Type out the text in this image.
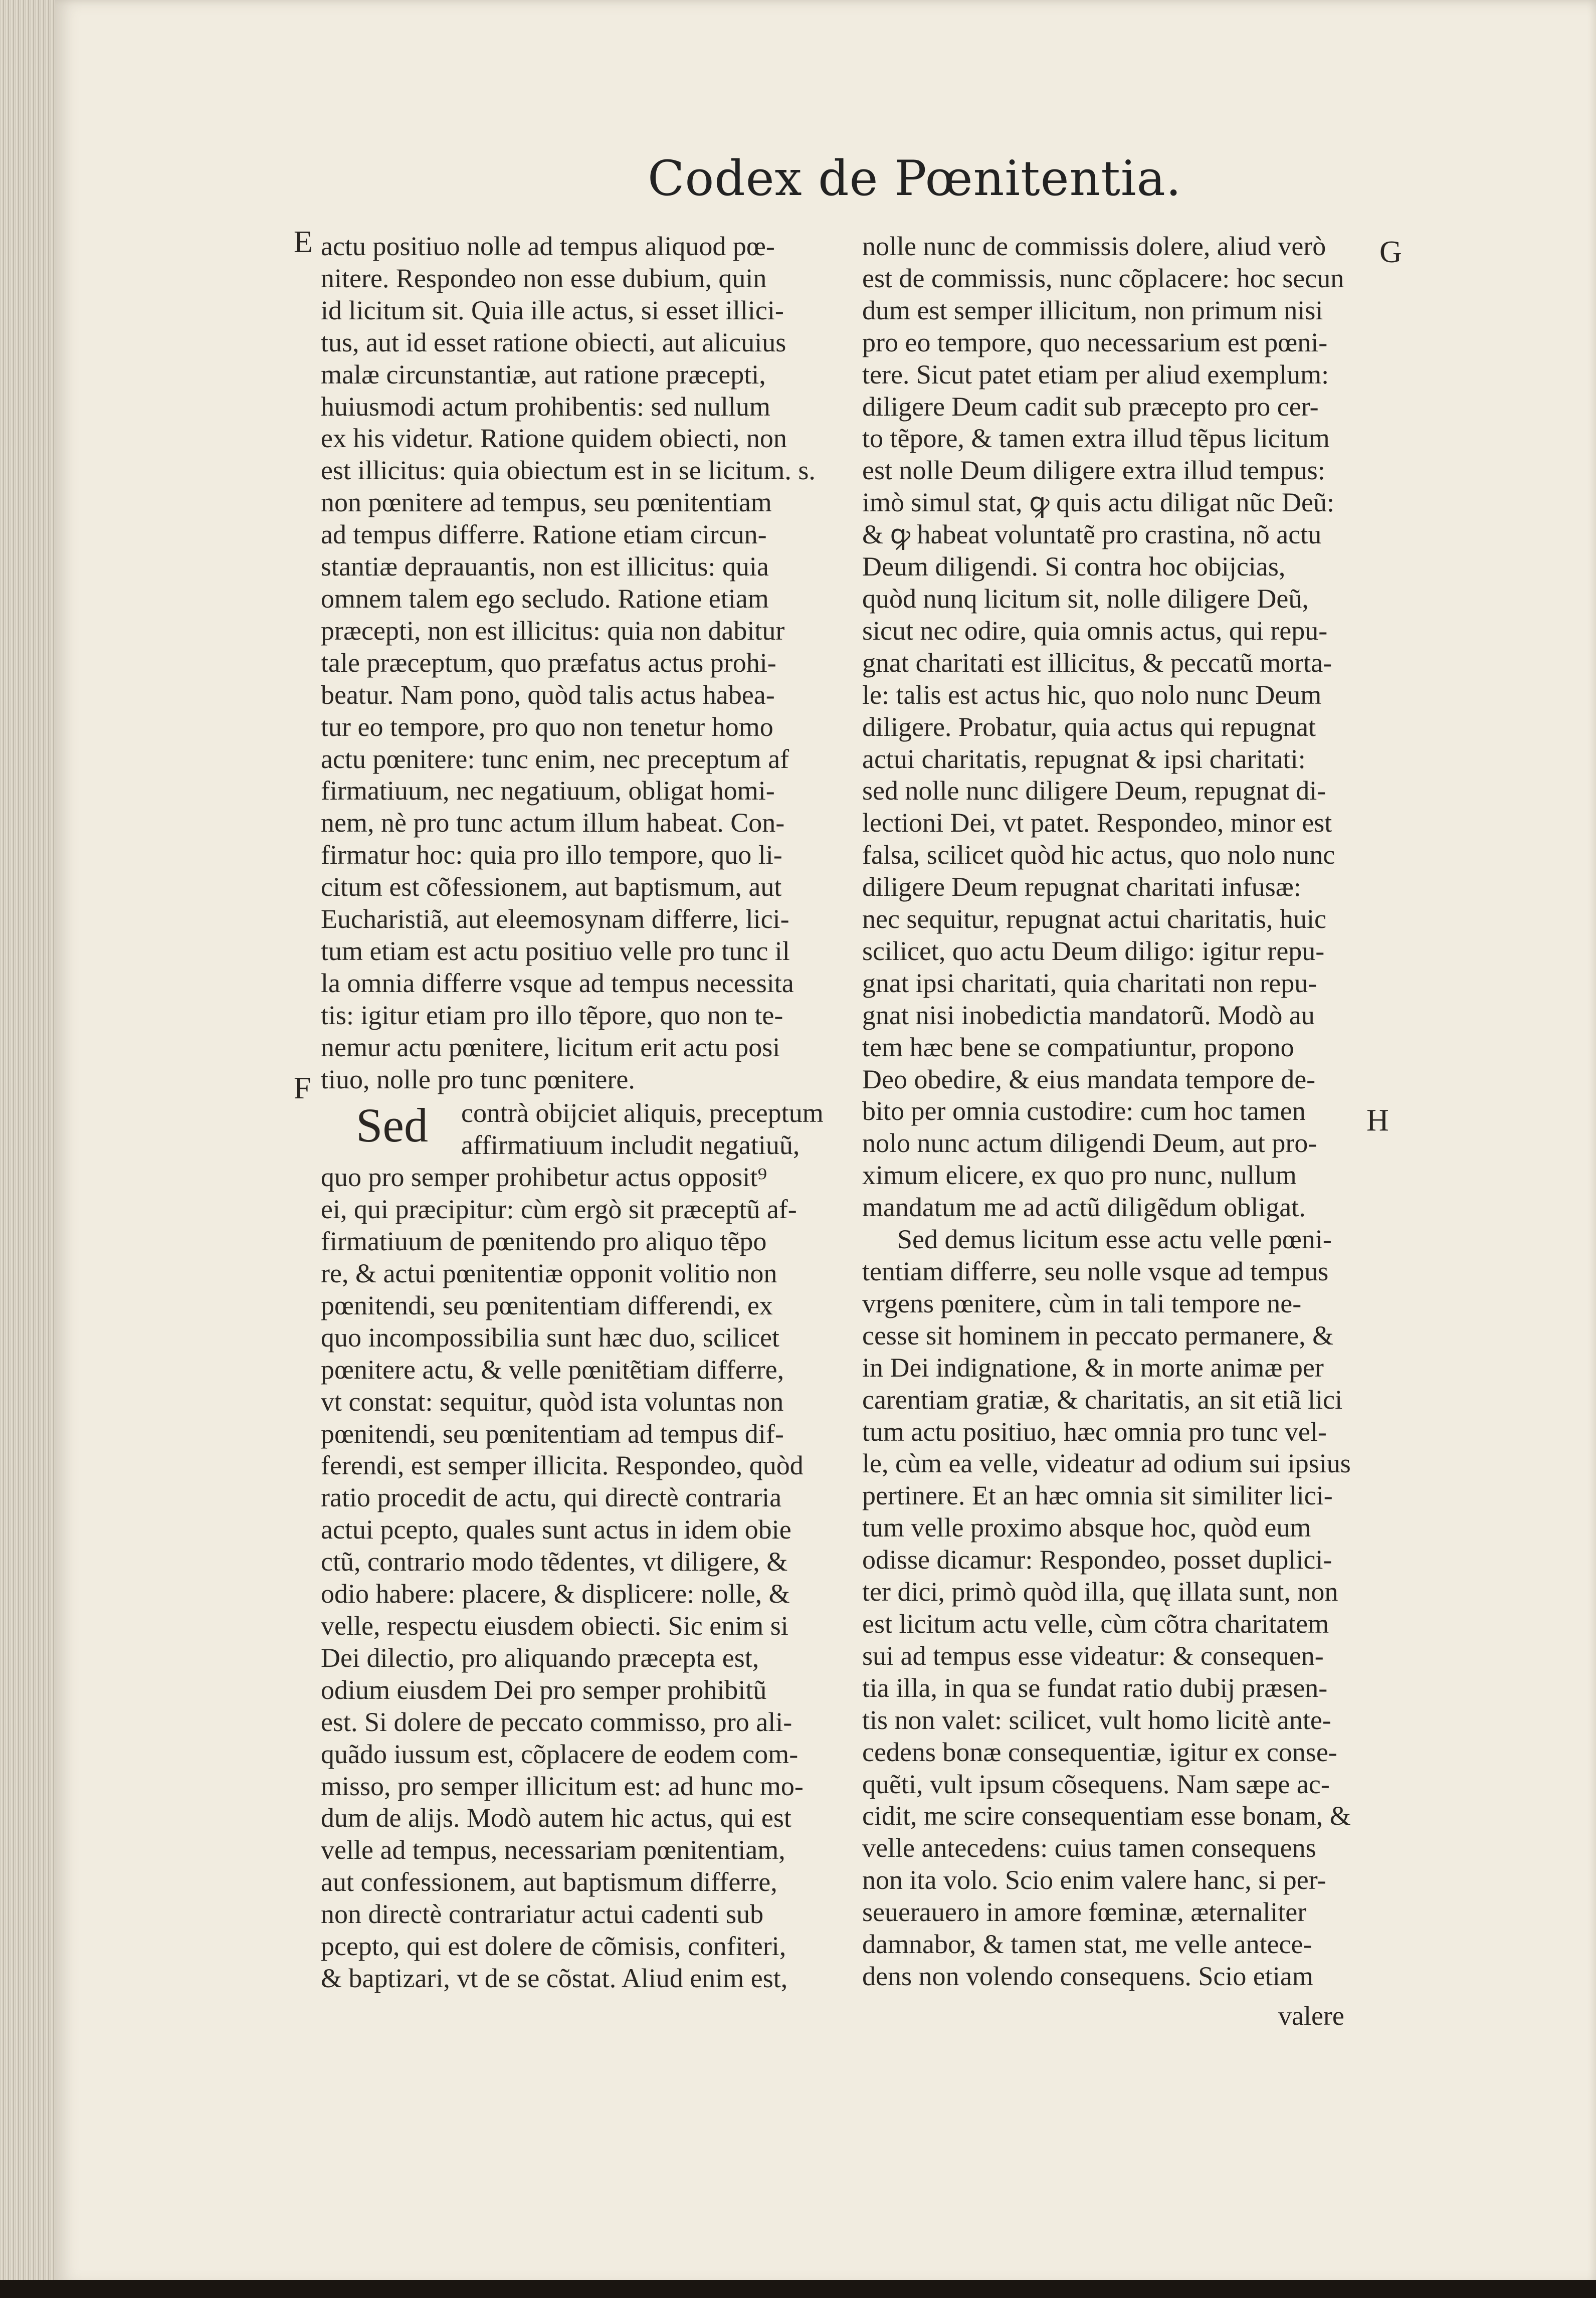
Codex de Pœnitentia.
E
F
G
H
actu positiuo nolle ad tempus aliquod pœ-
nitere. Respondeo non esse dubium, quin
id licitum sit. Quia ille actus, si esset illici-
tus, aut id esset ratione obiecti, aut alicuius
malæ circunstantiæ, aut ratione præcepti,
huiusmodi actum prohibentis: sed nullum
ex his videtur. Ratione quidem obiecti, non
est illicitus: quia obiectum est in se licitum. s.
non pœnitere ad tempus, seu pœnitentiam
ad tempus differre. Ratione etiam circun-
stantiæ deprauantis, non est illicitus: quia
omnem talem ego secludo. Ratione etiam
præcepti, non est illicitus: quia non dabitur
tale præceptum, quo præfatus actus prohi-
beatur. Nam pono, quòd talis actus habea-
tur eo tempore, pro quo non tenetur homo
actu pœnitere: tunc enim, nec preceptum af
firmatiuum, nec negatiuum, obligat homi-
nem, nè pro tunc actum illum habeat. Con-
firmatur hoc: quia pro illo tempore, quo li-
citum est cõfessionem, aut baptismum, aut
Eucharistiã, aut eleemosynam differre, lici-
tum etiam est actu positiuo velle pro tunc il
la omnia differre vsque ad tempus necessita
tis: igitur etiam pro illo tẽpore, quo non te-
nemur actu pœnitere, licitum erit actu posi
tiuo, nolle pro tunc pœnitere.
Sed contrà obijciet aliquis, preceptum
affirmatiuum includit negatiuũ,
quo pro semper prohibetur actus opposit⁹
ei, qui præcipitur: cùm ergò sit præceptũ af-
firmatiuum de pœnitendo pro aliquo tẽpo
re, & actui pœnitentiæ opponit volitio non
pœnitendi, seu pœnitentiam differendi, ex
quo incompossibilia sunt hæc duo, scilicet
pœnitere actu, & velle pœnitẽtiam differre,
vt constat: sequitur, quòd ista voluntas non
pœnitendi, seu pœnitentiam ad tempus dif-
ferendi, est semper illicita. Respondeo, quòd
ratio procedit de actu, qui directè contraria
actui pcepto, quales sunt actus in idem obie
ctũ, contrario modo tẽdentes, vt diligere, &
odio habere: placere, & displicere: nolle, &
velle, respectu eiusdem obiecti. Sic enim si
Dei dilectio, pro aliquando præcepta est,
odium eiusdem Dei pro semper prohibitũ
est. Si dolere de peccato commisso, pro ali-
quãdo iussum est, cõplacere de eodem com-
misso, pro semper illicitum est: ad hunc mo-
dum de alijs. Modò autem hic actus, qui est
velle ad tempus, necessariam pœnitentiam,
aut confessionem, aut baptismum differre,
non directè contrariatur actui cadenti sub
pcepto, qui est dolere de cõmisis, confiteri,
& baptizari, vt de se cõstat. Aliud enim est,
nolle nunc de commissis dolere, aliud verò
est de commissis, nunc cõplacere: hoc secun
dum est semper illicitum, non primum nisi
pro eo tempore, quo necessarium est pœni-
tere. Sicut patet etiam per aliud exemplum:
diligere Deum cadit sub præcepto pro cer-
to tẽpore, & tamen extra illud tẽpus licitum
est nolle Deum diligere extra illud tempus:
imò simul stat, ꝙ quis actu diligat nũc Deũ:
& ꝙ habeat voluntatẽ pro crastina, nõ actu
Deum diligendi. Si contra hoc obijcias,
quòd nunq licitum sit, nolle diligere Deũ,
sicut nec odire, quia omnis actus, qui repu-
gnat charitati est illicitus, & peccatũ morta-
le: talis est actus hic, quo nolo nunc Deum
diligere. Probatur, quia actus qui repugnat
actui charitatis, repugnat & ipsi charitati:
sed nolle nunc diligere Deum, repugnat di-
lectioni Dei, vt patet. Respondeo, minor est
falsa, scilicet quòd hic actus, quo nolo nunc
diligere Deum repugnat charitati infusæ:
nec sequitur, repugnat actui charitatis, huic
scilicet, quo actu Deum diligo: igitur repu-
gnat ipsi charitati, quia charitati non repu-
gnat nisi inobedictia mandatorũ. Modò au
tem hæc bene se compatiuntur, propono
Deo obedire, & eius mandata tempore de-
bito per omnia custodire: cum hoc tamen
nolo nunc actum diligendi Deum, aut pro-
ximum elicere, ex quo pro nunc, nullum
mandatum me ad actũ diligẽdum obligat.
Sed demus licitum esse actu velle pœni-
tentiam differre, seu nolle vsque ad tempus
vrgens pœnitere, cùm in tali tempore ne-
cesse sit hominem in peccato permanere, &
in Dei indignatione, & in morte animæ per
carentiam gratiæ, & charitatis, an sit etiã lici
tum actu positiuo, hæc omnia pro tunc vel-
le, cùm ea velle, videatur ad odium sui ipsius
pertinere. Et an hæc omnia sit similiter lici-
tum velle proximo absque hoc, quòd eum
odisse dicamur: Respondeo, posset duplici-
ter dici, primò quòd illa, quę illata sunt, non
est licitum actu velle, cùm cõtra charitatem
sui ad tempus esse videatur: & consequen-
tia illa, in qua se fundat ratio dubij præsen-
tis non valet: scilicet, vult homo licitè ante-
cedens bonæ consequentiæ, igitur ex conse-
quẽti, vult ipsum cõsequens. Nam sæpe ac-
cidit, me scire consequentiam esse bonam, &
velle antecedens: cuius tamen consequens
non ita volo. Scio enim valere hanc, si per-
seuerauero in amore fœminæ, æternaliter
damnabor, & tamen stat, me velle antece-
dens non volendo consequens. Scio etiam
valere
